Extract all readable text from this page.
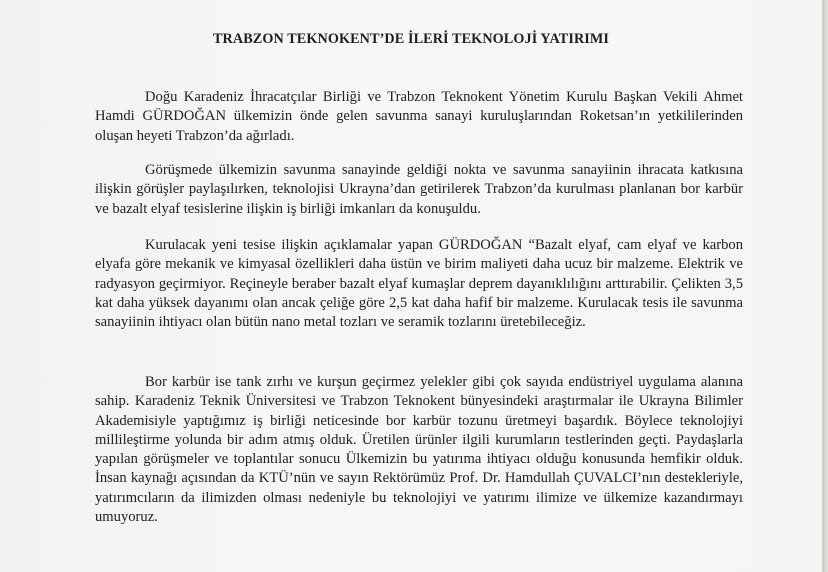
TRABZON TEKNOKENT’DE İLERİ TEKNOLOJİ YATIRIMI

Doğu Karadeniz İhracatçılar Birliği ve Trabzon Teknokent Yönetim Kurulu Başkan Vekili Ahmet Hamdi GÜRDOĞAN ülkemizin önde gelen savunma sanayi kuruluşlarından Roketsan’ın yetkililerinden oluşan heyeti Trabzon’da ağırladı.

Görüşmede ülkemizin savunma sanayinde geldiği nokta ve savunma sanayiinin ihracata katkısına ilişkin görüşler paylaşılırken, teknolojisi Ukrayna’dan getirilerek Trabzon’da kurulması planlanan bor karbür ve bazalt elyaf tesislerine ilişkin iş birliği imkanları da konuşuldu.

Kurulacak yeni tesise ilişkin açıklamalar yapan GÜRDOĞAN “Bazalt elyaf, cam elyaf ve karbon elyafa göre mekanik ve kimyasal özellikleri daha üstün ve birim maliyeti daha ucuz bir malzeme. Elektrik ve radyasyon geçirmiyor. Reçineyle beraber bazalt elyaf kumaşlar deprem dayanıklılığını arttırabilir. Çelikten 3,5 kat daha yüksek dayanımı olan ancak çeliğe göre 2,5 kat daha hafif bir malzeme. Kurulacak tesis ile savunma sanayiinin ihtiyacı olan bütün nano metal tozları ve seramik tozlarını üretebileceğiz.

Bor karbür ise tank zırhı ve kurşun geçirmez yelekler gibi çok sayıda endüstriyel uygulama alanına sahip. Karadeniz Teknik Üniversitesi ve Trabzon Teknokent bünyesindeki araştırmalar ile Ukrayna Bilimler Akademisiyle yaptığımız iş birliği neticesinde bor karbür tozunu üretmeyi başardık. Böylece teknolojiyi millileştirme yolunda bir adım atmış olduk. Üretilen ürünler ilgili kurumların testlerinden geçti. Paydaşlarla yapılan görüşmeler ve toplantılar sonucu Ülkemizin bu yatırıma ihtiyacı olduğu konusunda hemfikir olduk. İnsan kaynağı açısından da KTÜ’nün ve sayın Rektörümüz Prof. Dr. Hamdullah ÇUVALCI’nın destekleriyle, yatırımcıların da ilimizden olması nedeniyle bu teknolojiyi ve yatırımı ilimize ve ülkemize kazandırmayı umuyoruz.
